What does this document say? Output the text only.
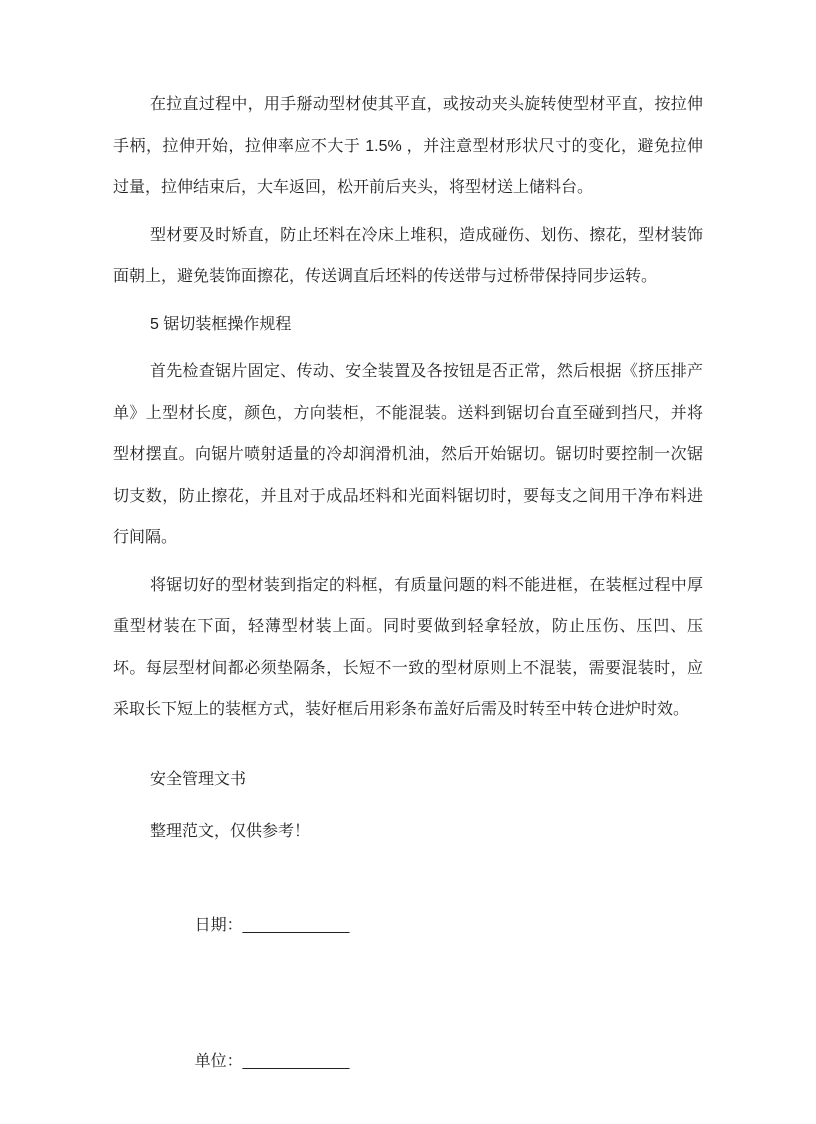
在拉直过程中，用手掰动型材使其平直，或按动夹头旋转使型材平直，按拉伸
手柄，拉伸开始，拉伸率应不大于 1.5% ，并注意型材形状尺寸的变化，避免拉伸
过量，拉伸结束后，大车返回，松开前后夹头，将型材送上储料台。
型材要及时矫直，防止坯料在冷床上堆积，造成碰伤、划伤、擦花，型材装饰
面朝上，避免装饰面擦花，传送调直后坯料的传送带与过桥带保持同步运转。
5 锯切装框操作规程
首先检查锯片固定、传动、安全装置及各按钮是否正常，然后根据《挤压排产
单》上型材长度，颜色，方向装柜，不能混装。送料到锯切台直至碰到挡尺，并将
型材摆直。向锯片喷射适量的冷却润滑机油，然后开始锯切。锯切时要控制一次锯
切支数，防止擦花，并且对于成品坯料和光面料锯切时，要每支之间用干净布料进
行间隔。
将锯切好的型材装到指定的料框，有质量问题的料不能进框，在装框过程中厚
重型材装在下面，轻薄型材装上面。同时要做到轻拿轻放，防止压伤、压凹、压
坏。每层型材间都必须垫隔条，长短不一致的型材原则上不混装，需要混装时，应
采取长下短上的装框方式，装好框后用彩条布盖好后需及时转至中转仓进炉时效。
安全管理文书
整理范文，仅供参考！

日期：____________

单位：____________
